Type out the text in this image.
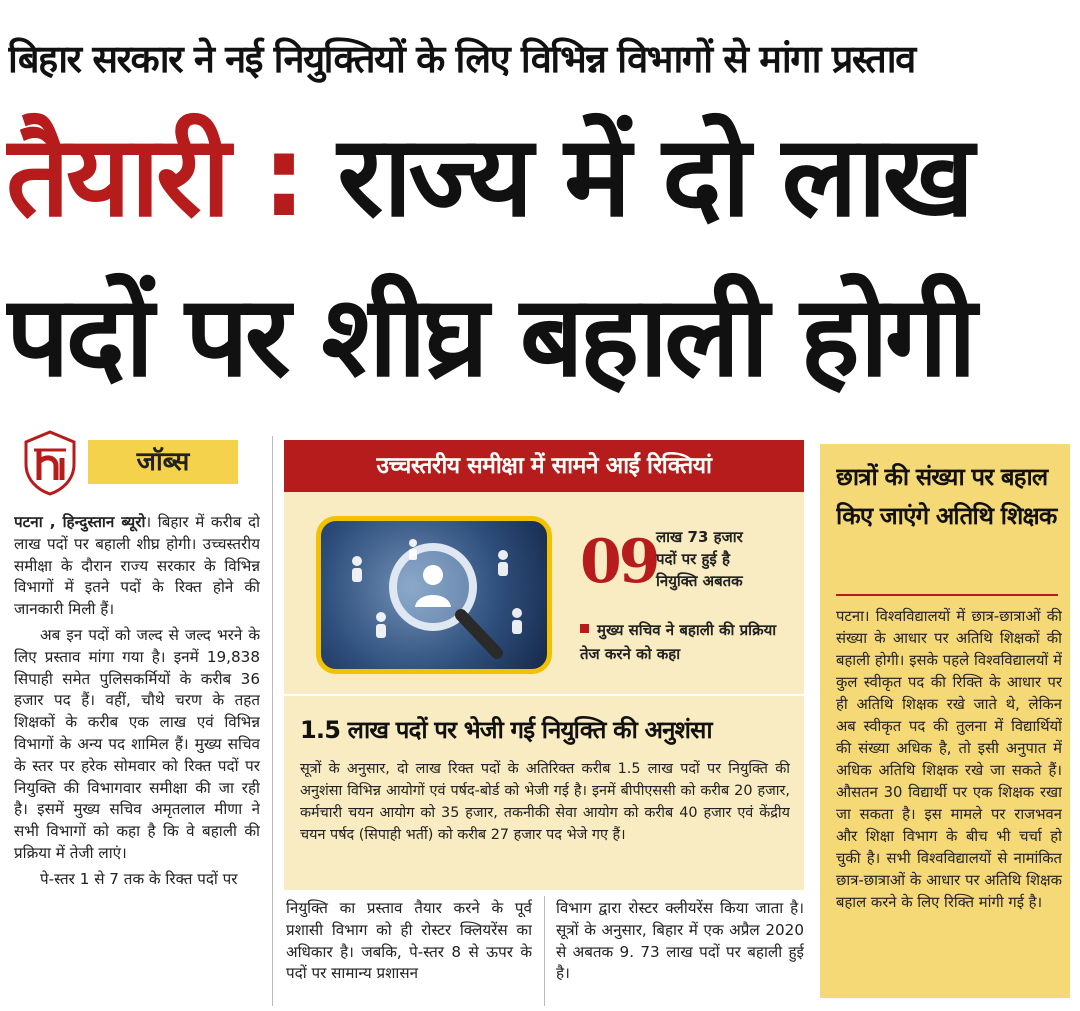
बिहार सरकार ने नई नियुक्तियों के लिए विभिन्न विभागों से मांगा प्रस्ताव
तैयारी : राज्य में दो लाख
पदों पर शीघ्र बहाली होगी
जॉब्स

पटना , हिन्दुस्तान ब्यूरो। बिहार में करीब दो लाख पदों पर बहाली शीघ्र होगी। उच्चस्तरीय समीक्षा के दौरान राज्य सरकार के विभिन्न विभागों में इतने पदों के रिक्त होने की जानकारी मिली हैं।

अब इन पदों को जल्द से जल्द भरने के लिए प्रस्ताव मांगा गया है। इनमें 19,838 सिपाही समेत पुलिसकर्मियों के करीब 36 हजार पद हैं। वहीं, चौथे चरण के तहत शिक्षकों के करीब एक लाख एवं विभिन्न विभागों के अन्य पद शामिल हैं। मुख्य सचिव के स्तर पर हरेक सोमवार को रिक्त पदों पर नियुक्ति की विभागवार समीक्षा की जा रही है। इसमें मुख्य सचिव अमृतलाल मीणा ने सभी विभागों को कहा है कि वे बहाली की प्रक्रिया में तेजी लाएं।

पे-स्तर 1 से 7 तक के रिक्त पदों पर

उच्चस्तरीय समीक्षा में सामने आईं रिक्तियां
09
लाख 73 हजार
पदों पर हुई है
नियुक्ति अबतक
मुख्य सचिव ने बहाली की प्रक्रिया तेज करने को कहा
1.5 लाख पदों पर भेजी गई नियुक्ति की अनुशंसा
सूत्रों के अनुसार, दो लाख रिक्त पदों के अतिरिक्त करीब 1.5 लाख पदों पर नियुक्ति की अनुशंसा विभिन्न आयोगों एवं पर्षद-बोर्ड को भेजी गई है। इनमें बीपीएससी को करीब 20 हजार, कर्मचारी चयन आयोग को 35 हजार, तकनीकी सेवा आयोग को करीब 40 हजार एवं केंद्रीय चयन पर्षद (सिपाही भर्ती) को करीब 27 हजार पद भेजे गए हैं।
नियुक्ति का प्रस्ताव तैयार करने के पूर्व प्रशासी विभाग को ही रोस्टर क्लियरेंस का अधिकार है। जबकि, पे-स्तर 8 से ऊपर के पदों पर सामान्य प्रशासन
विभाग द्वारा रोस्टर क्लीयरेंस किया जाता है। सूत्रों के अनुसार, बिहार में एक अप्रैल 2020 से अबतक 9. 73 लाख पदों पर बहाली हुई है।
छात्रों की संख्या पर बहाल किए जाएंगे अतिथि शिक्षक
पटना। विश्वविद्यालयों में छात्र-छात्राओं की संख्या के आधार पर अतिथि शिक्षकों की बहाली होगी। इसके पहले विश्वविद्यालयों में कुल स्वीकृत पद की रिक्ति के आधार पर ही अतिथि शिक्षक रखे जाते थे, लेकिन अब स्वीकृत पद की तुलना में विद्यार्थियों की संख्या अधिक है, तो इसी अनुपात में अधिक अतिथि शिक्षक रखे जा सकते हैं। औसतन 30 विद्यार्थी पर एक शिक्षक रखा जा सकता है। इस मामले पर राजभवन और शिक्षा विभाग के बीच भी चर्चा हो चुकी है। सभी विश्वविद्यालयों से नामांकित छात्र-छात्राओं के आधार पर अतिथि शिक्षक बहाल करने के लिए रिक्ति मांगी गई है।
